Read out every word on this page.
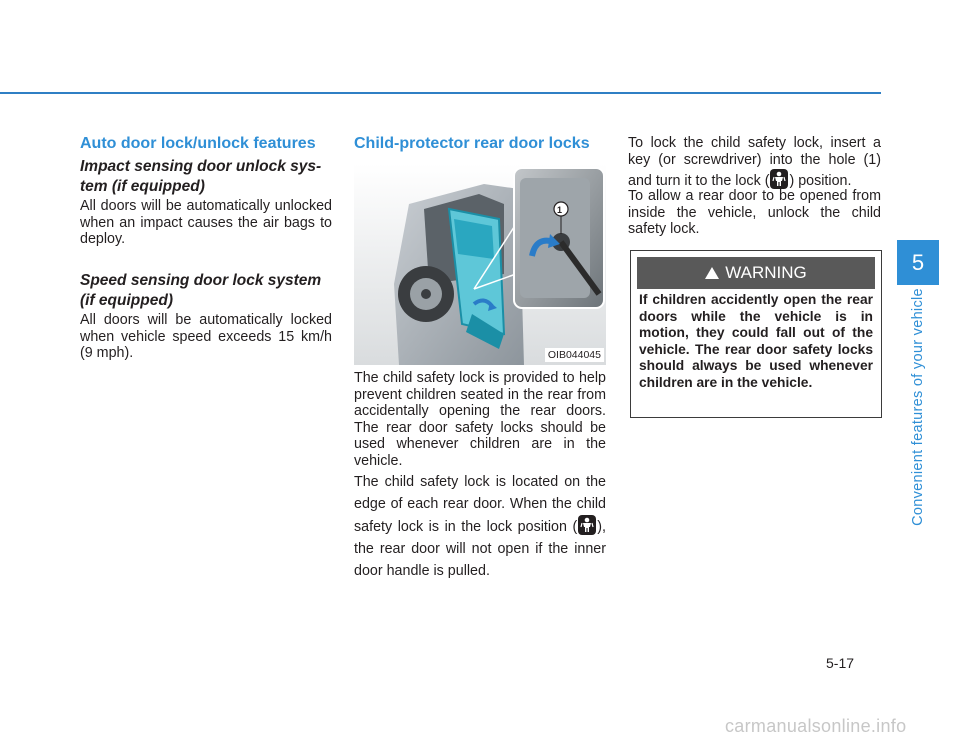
Auto door lock/unlock features
Impact sensing door unlock sys-
tem (if equipped)
All doors will be automatically unlocked when an impact causes the air bags to deploy.
Speed sensing door lock system
(if equipped)
All doors will be automatically locked when vehicle speed exceeds 15 km/h (9 mph).
Child-protector rear door locks
1
OIB044045
The child safety lock is provided to help prevent children seated in the rear from accidentally opening the rear doors. The rear door safety locks should be used whenever children are in the vehicle.
The child safety lock is located on the edge of each rear door. When the child safety lock is in the lock position ( ), the rear door will not open if the inner door handle is pulled.
To lock the child safety lock, insert a key (or screwdriver) into the hole (1) and turn it to the lock ( ) position.
To allow a rear door to be opened from inside the vehicle, unlock the child safety lock.
WARNING
If children accidently open the rear doors while the vehicle is in motion, they could fall out of the vehicle. The rear door safety locks should always be used whenever children are in the vehicle.
5
Convenient features of your vehicle
5-17
carmanualsonline.info
